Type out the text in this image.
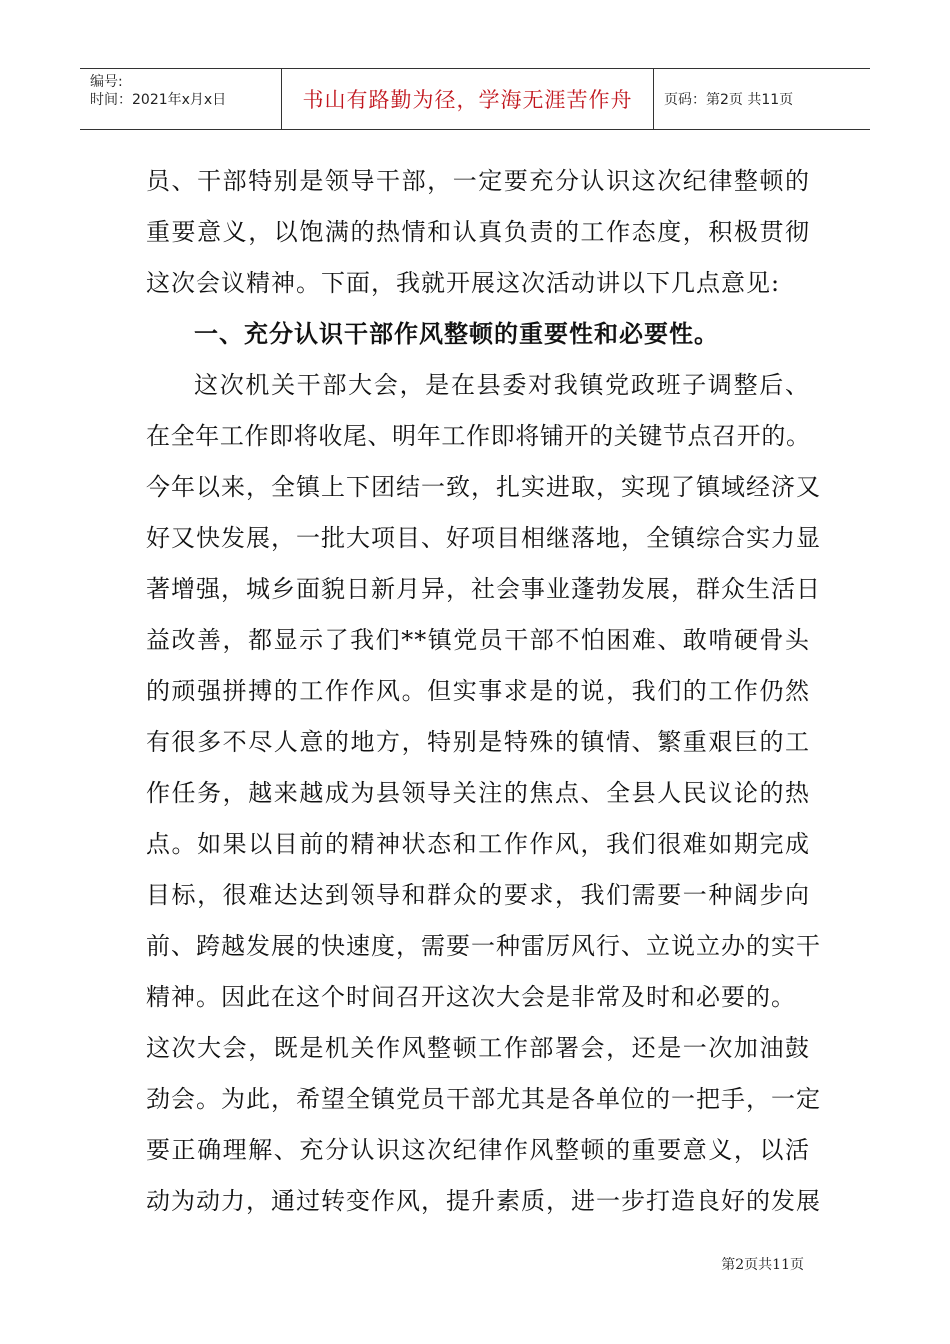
编号:
时间：2021年x月x日	书山有路勤为径，学海无涯苦作舟	页码：第2页 共11页
员、干部特别是领导干部，一定要充分认识这次纪律整顿的
重要意义，以饱满的热情和认真负责的工作态度，积极贯彻
这次会议精神。下面，我就开展这次活动讲以下几点意见:
一、充分认识干部作风整顿的重要性和必要性。
这次机关干部大会，是在县委对我镇党政班子调整后、
在全年工作即将收尾、明年工作即将铺开的关键节点召开的。
今年以来，全镇上下团结一致，扎实进取，实现了镇域经济又
好又快发展，一批大项目、好项目相继落地，全镇综合实力显
著增强，城乡面貌日新月异，社会事业蓬勃发展，群众生活日
益改善，都显示了我们**镇党员干部不怕困难、敢啃硬骨头
的顽强拼搏的工作作风。但实事求是的说，我们的工作仍然
有很多不尽人意的地方，特别是特殊的镇情、繁重艰巨的工
作任务，越来越成为县领导关注的焦点、全县人民议论的热
点。如果以目前的精神状态和工作作风，我们很难如期完成
目标，很难达达到领导和群众的要求，我们需要一种阔步向
前、跨越发展的快速度，需要一种雷厉风行、立说立办的实干
精神。因此在这个时间召开这次大会是非常及时和必要的。
这次大会，既是机关作风整顿工作部署会，还是一次加油鼓
劲会。为此，希望全镇党员干部尤其是各单位的一把手，一定
要正确理解、充分认识这次纪律作风整顿的重要意义，以活
动为动力，通过转变作风，提升素质，进一步打造良好的发展
第2页共11页
